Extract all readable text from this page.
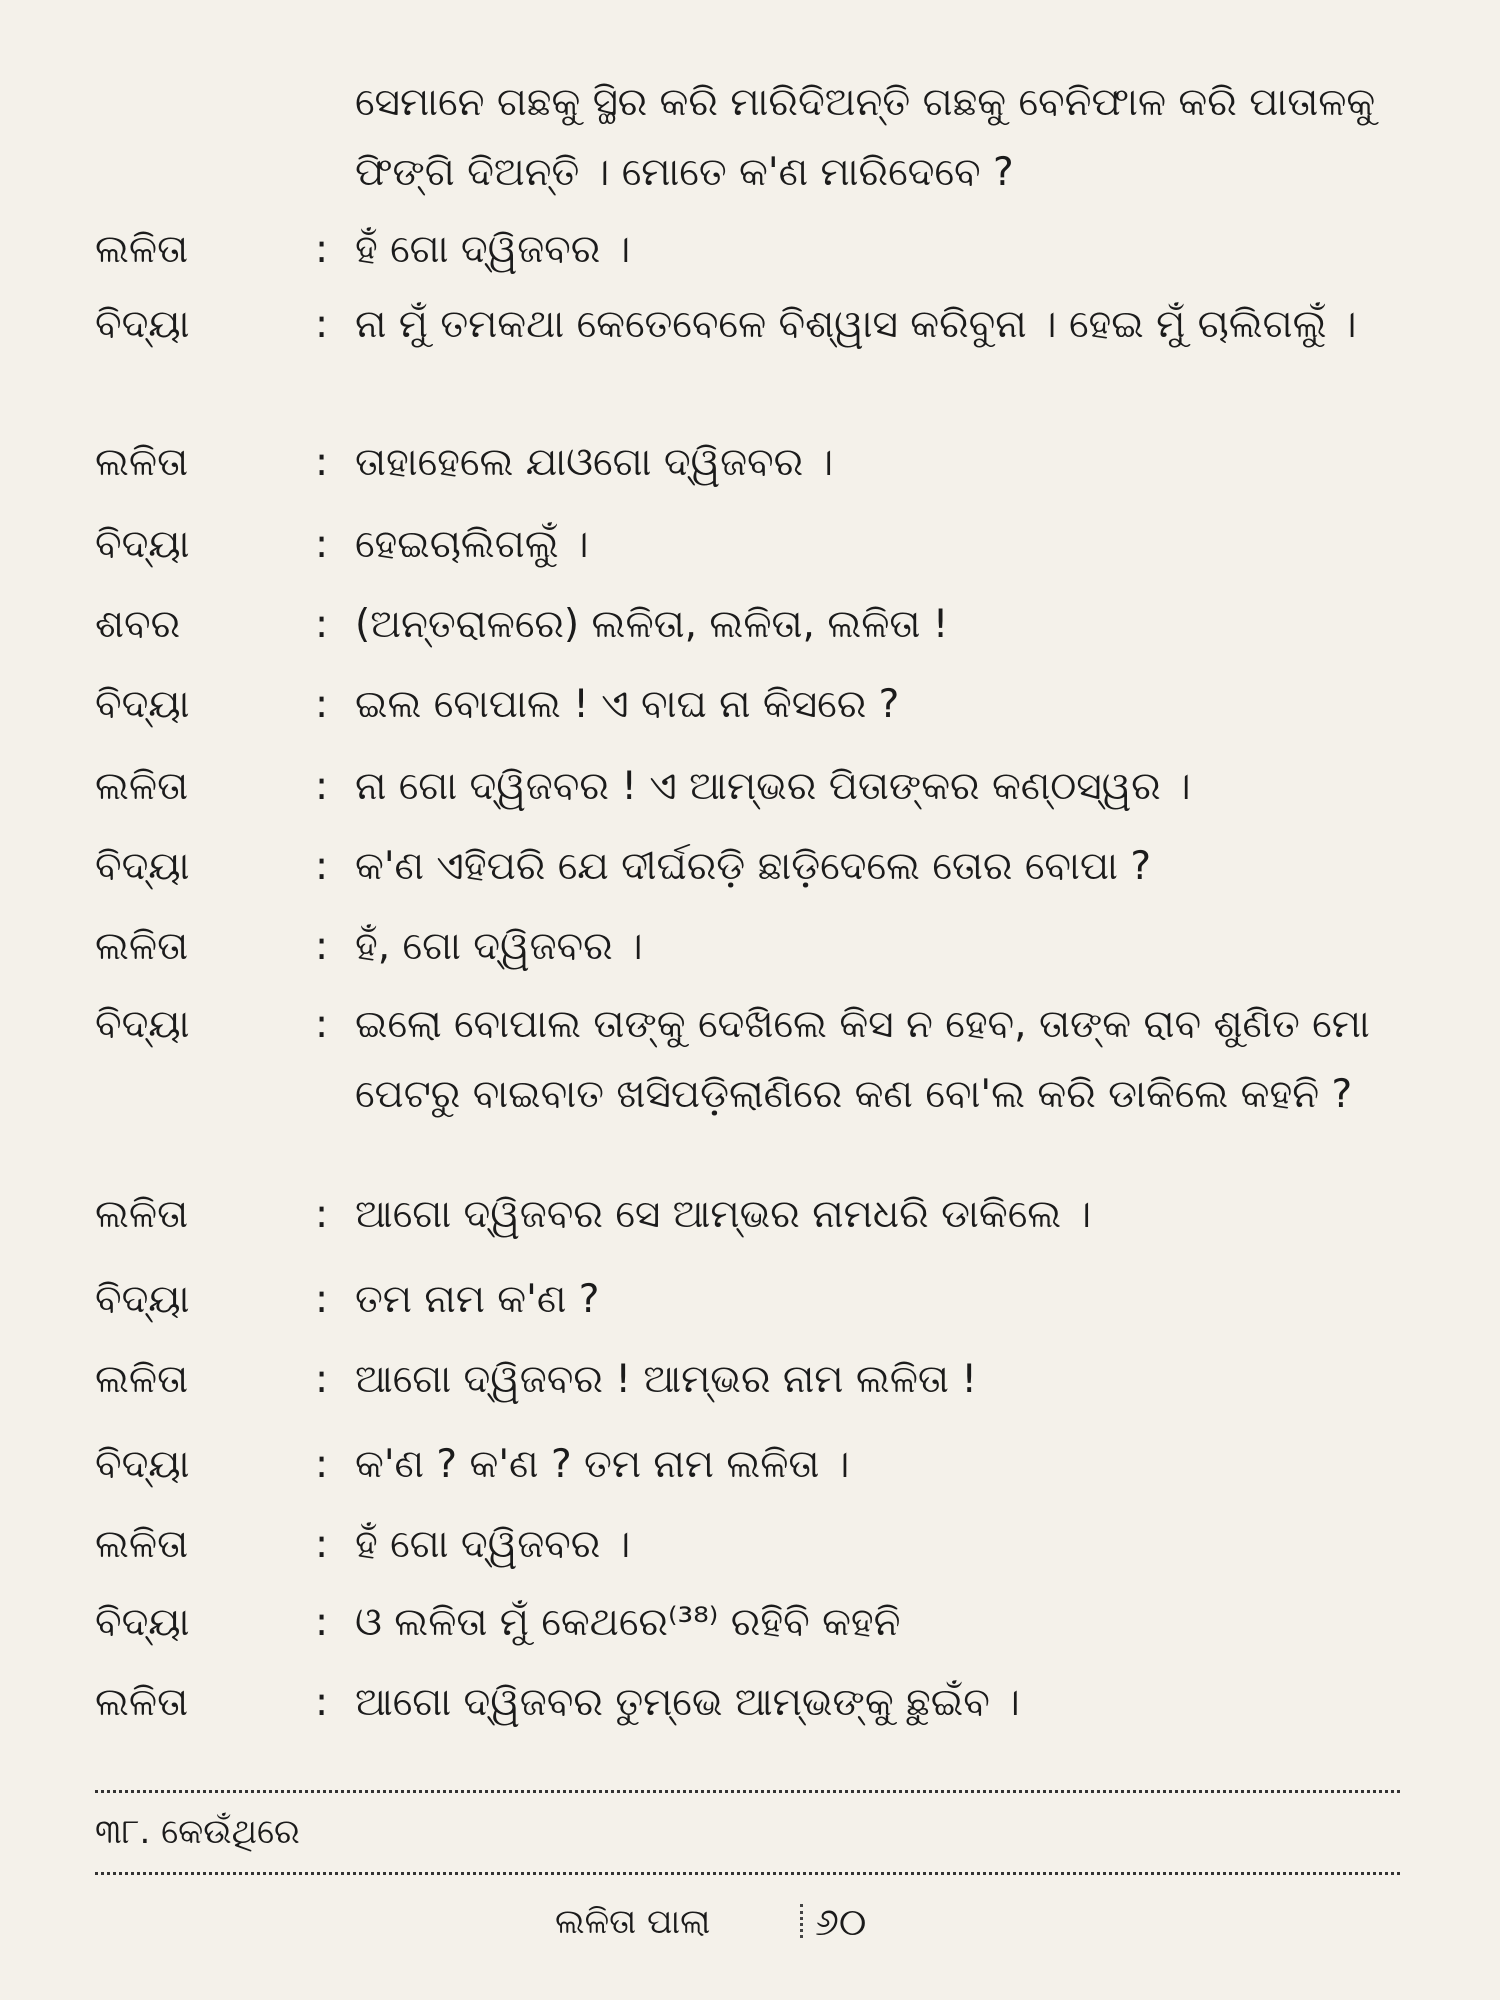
ସେମାନେ ଗଛକୁ ସ୍ଥିର କରି ମାରିଦିଅନ୍ତି ଗଛକୁ ବେନିଫାଳ କରି ପାତାଳକୁ ଫିଙ୍ଗି ଦିଅନ୍ତି । ମୋତେ କ'ଣ ମାରିଦେବେ ?
ଲଳିତା	: ହଁ ଗୋ ଦ୍ୱିଜବର ।
ବିଦ୍ୟା	: ନା ମୁଁ ତମକଥା କେତେବେଳେ ବିଶ୍ୱାସ କରିବୁନା । ହେଇ ମୁଁ ଚାଲିଗଲୁଁ ।
ଲଳିତା	: ତାହାହେଲେ ଯାଓଗୋ ଦ୍ୱିଜବର ।
ବିଦ୍ୟା	: ହେଇଚାଲିଗଲୁଁ ।
ଶବର	: (ଅନ୍ତରାଳରେ) ଲଳିତା, ଲଳିତା, ଲଳିତା !
ବିଦ୍ୟା	: ଇଲ ବୋପାଲ ! ଏ ବାଘ ନା କିସରେ ?
ଲଳିତା	: ନା ଗୋ ଦ୍ୱିଜବର ! ଏ ଆମ୍ଭର ପିତାଙ୍କର କଣ୍ଠସ୍ୱର ।
ବିଦ୍ୟା	: କ'ଣ ଏହିପରି ଯେ ଦୀର୍ଘରଡ଼ି ଛାଡ଼ିଦେଲେ ତୋର ବୋପା ?
ଲଳିତା	: ହଁ, ଗୋ ଦ୍ୱିଜବର ।
ବିଦ୍ୟା	: ଇଲୋ ବୋପାଲ ତାଙ୍କୁ ଦେଖିଲେ କିସ ନ ହେବ, ତାଙ୍କ ରାବ ଶୁଣିତ ମୋ ପେଟରୁ ବାଇବାତ ଖସିପଡ଼ିଲାଣିରେ କଣ ବୋ'ଲ କରି ଡାକିଲେ କହନି ?
ଲଳିତା	: ଆଗୋ ଦ୍ୱିଜବର ସେ ଆମ୍ଭର ନାମଧରି ଡାକିଲେ ।
ବିଦ୍ୟା	: ତମ ନାମ କ'ଣ ?
ଲଳିତା	: ଆଗୋ ଦ୍ୱିଜବର ! ଆମ୍ଭର ନାମ ଲଳିତା !
ବିଦ୍ୟା	: କ'ଣ ? କ'ଣ ? ତମ ନାମ ଲଳିତା ।
ଲଳିତା	: ହଁ ଗୋ ଦ୍ୱିଜବର ।
ବିଦ୍ୟା	: ଓ ଲଳିତା ମୁଁ କେଥରେ⁽³⁸⁾ ରହିବି କହନି
ଲଳିତା	: ଆଗୋ ଦ୍ୱିଜବର ତୁମ୍ଭେ ଆମ୍ଭଙ୍କୁ ଛୁଇଁବ ।
୩୮. କେଉଁଥିରେ
ଲଳିତା ପାଲା	୬୦
